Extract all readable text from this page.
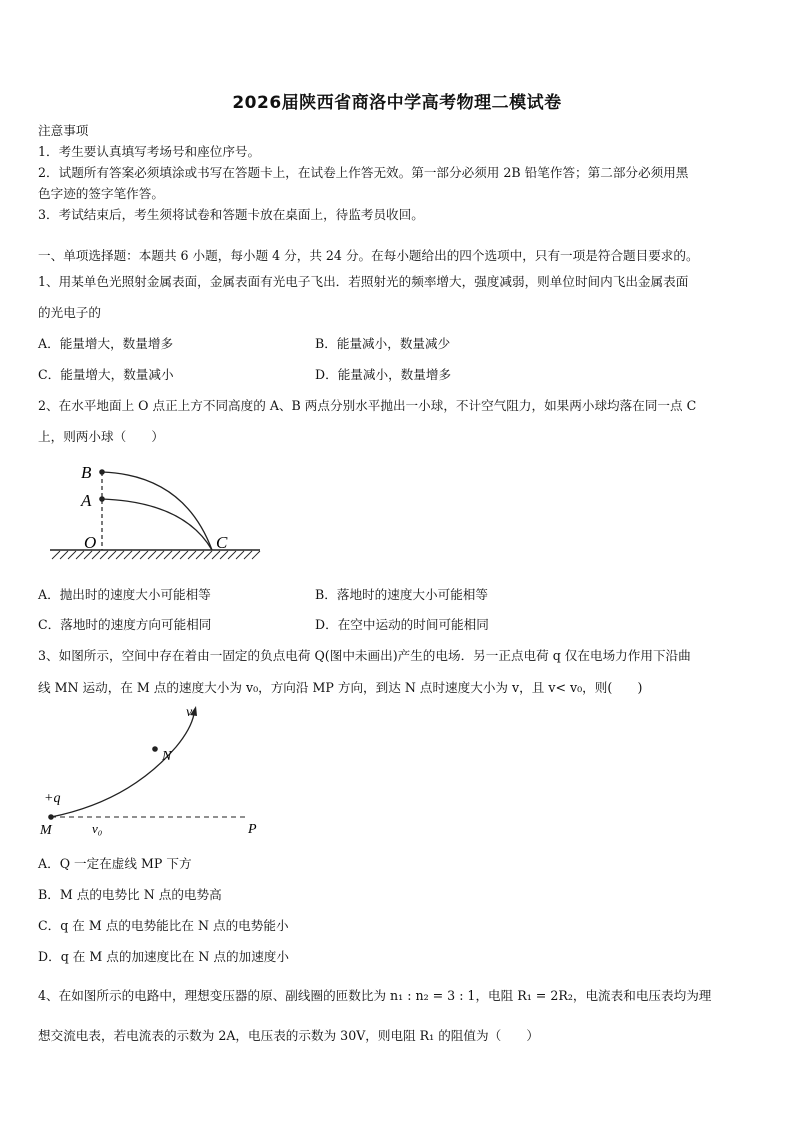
2026届陕西省商洛中学高考物理二模试卷
注意事项
1．考生要认真填写考场号和座位序号。
2．试题所有答案必须填涂或书写在答题卡上，在试卷上作答无效。第一部分必须用 2B 铅笔作答；第二部分必须用黑
色字迹的签字笔作答。
3．考试结束后，考生须将试卷和答题卡放在桌面上，待监考员收回。
一、单项选择题：本题共 6 小题，每小题 4 分，共 24 分。在每小题给出的四个选项中，只有一项是符合题目要求的。
1、用某单色光照射金属表面，金属表面有光电子飞出．若照射光的频率增大，强度减弱，则单位时间内飞出金属表面
的光电子的
A．能量增大，数量增多	B．能量减小，数量减少
C．能量增大，数量减小	D．能量减小，数量增多
2、在水平地面上 O 点正上方不同高度的 A、B 两点分别水平抛出一小球，不计空气阻力，如果两小球均落在同一点 C
上，则两小球（　　）
B
A
O	C
A．抛出时的速度大小可能相等	B．落地时的速度大小可能相等
C．落地时的速度方向可能相同	D．在空中运动的时间可能相同
3、如图所示，空间中存在着由一固定的负点电荷 Q(图中未画出)产生的电场．另一正点电荷 q 仅在电场力作用下沿曲
线 MN 运动，在 M 点的速度大小为 v₀，方向沿 MP 方向，到达 N 点时速度大小为 v，且 v< v₀，则(　　)
v
N
+q
M	v₀	P
A．Q 一定在虚线 MP 下方
B．M 点的电势比 N 点的电势高
C．q 在 M 点的电势能比在 N 点的电势能小
D．q 在 M 点的加速度比在 N 点的加速度小
4、在如图所示的电路中，理想变压器的原、副线圈的匝数比为 n₁ : n₂ = 3 : 1，电阻 R₁ = 2R₂，电流表和电压表均为理
想交流电表，若电流表的示数为 2A，电压表的示数为 30V，则电阻 R₁ 的阻值为（　　）
